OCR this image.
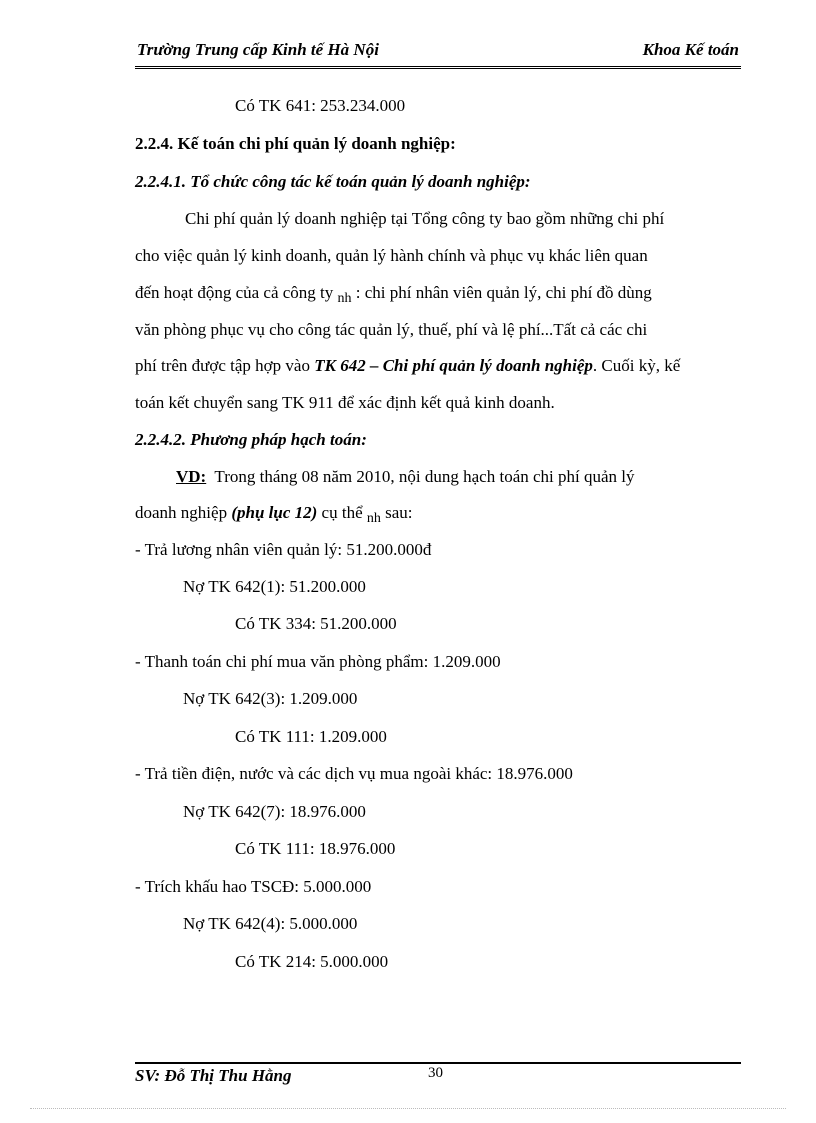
Trường Trung cấp Kinh tế Hà Nội	Khoa Kế toán
Có TK 641: 253.234.000
2.2.4. Kế toán chi phí quản lý doanh nghiệp:
2.2.4.1. Tổ chức công tác kế toán quản lý doanh nghiệp:
Chi phí quản lý doanh nghiệp tại Tổng công ty bao gồm những chi phí
cho việc quản lý kinh doanh, quản lý hành chính và phục vụ khác liên quan
đến hoạt động của cả công ty $_{nh}$ : chi phí nhân viên quản lý, chi phí đồ dùng
văn phòng phục vụ cho công tác quản lý, thuế, phí và lệ phí...Tất cả các chi
phí trên được tập hợp vào TK 642 – Chi phí quản lý doanh nghiệp. Cuối kỳ, kế
toán kết chuyển sang TK 911 để xác định kết quả kinh doanh.
2.2.4.2. Phương pháp hạch toán:
VD: Trong tháng 08 năm 2010, nội dung hạch toán chi phí quản lý
doanh nghiệp (phụ lục 12) cụ thể $_{nh}$ sau:
- Trả lương nhân viên quản lý: 51.200.000đ
Nợ TK 642(1): 51.200.000
Có TK 334: 51.200.000
- Thanh toán chi phí mua văn phòng phẩm: 1.209.000
Nợ TK 642(3): 1.209.000
Có TK 111: 1.209.000
- Trả tiền điện, nước và các dịch vụ mua ngoài khác: 18.976.000
Nợ TK 642(7): 18.976.000
Có TK 111: 18.976.000
- Trích khấu hao TSCĐ: 5.000.000
Nợ TK 642(4): 5.000.000
Có TK 214: 5.000.000
SV: Đỗ Thị Thu Hằng	30
